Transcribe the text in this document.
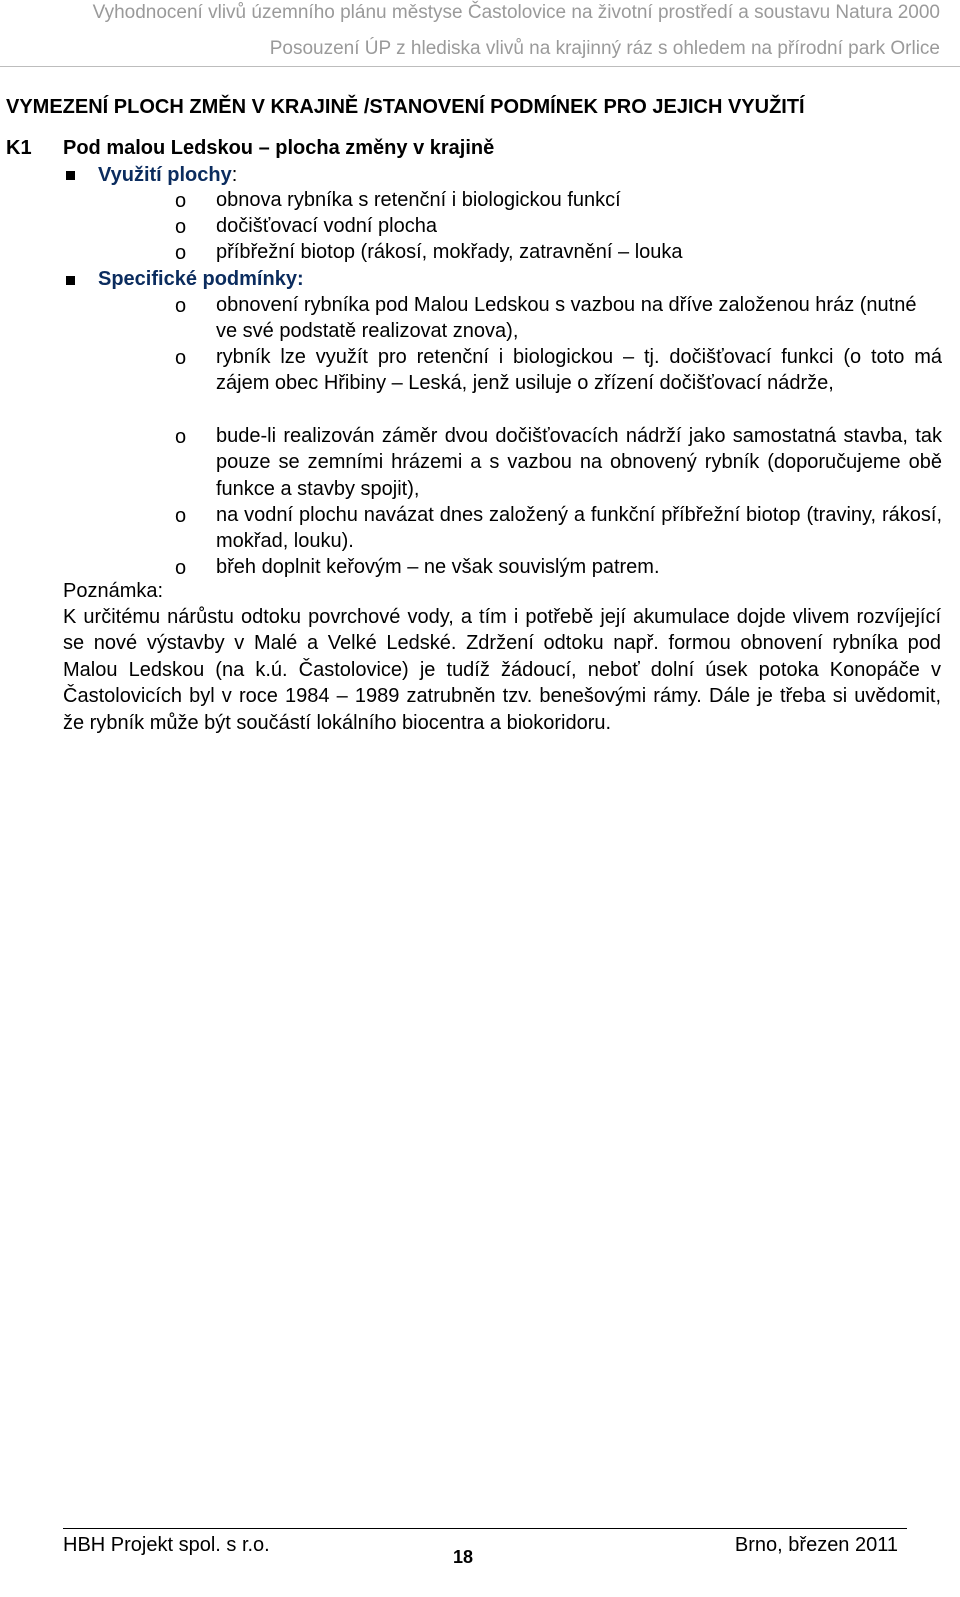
Vyhodnocení vlivů územního plánu městyse Častolovice na životní prostředí a soustavu Natura 2000
Posouzení ÚP z hlediska vlivů na krajinný ráz s ohledem na přírodní park Orlice
VYMEZENÍ PLOCH ZMĚN V KRAJINĚ /STANOVENÍ PODMÍNEK PRO JEJICH VYUŽITÍ
K1 Pod malou Ledskou – plocha změny v krajině
Využití plochy:
o obnova rybníka s retenční i biologickou funkcí
o dočišťovací vodní plocha
o příbřežní biotop (rákosí, mokřady, zatravnění – louka
Specifické podmínky:
o obnovení rybníka pod Malou Ledskou s vazbou na dříve založenou hráz (nutné ve své podstatě realizovat znova),
o rybník lze využít pro retenční i biologickou – tj. dočišťovací funkci (o toto má zájem obec Hřibiny – Leská, jenž usiluje o zřízení dočišťovací nádrže,
o bude-li realizován záměr dvou dočišťovacích nádrží jako samostatná stavba, tak pouze se zemními hrázemi a s vazbou na obnovený rybník (doporučujeme obě funkce a stavby spojit),
o na vodní plochu navázat dnes založený a funkční příbřežní biotop (traviny, rákosí, mokřad, louku).
o břeh doplnit keřovým – ne však souvislým patrem.
Poznámka:
K určitému nárůstu odtoku povrchové vody, a tím i potřebě její akumulace dojde vlivem rozvíjející se nové výstavby v Malé a Velké Ledské. Zdržení odtoku např. formou obnovení rybníka pod Malou Ledskou (na k.ú. Častolovice) je tudíž žádoucí, neboť dolní úsek potoka Konopáče v Častolovicích byl v roce 1984 – 1989 zatrubněn tzv. benešovými rámy. Dále je třeba si uvědomit, že rybník může být součástí lokálního biocentra a biokoridoru.
HBH Projekt spol. s r.o.
18
Brno, březen 2011
